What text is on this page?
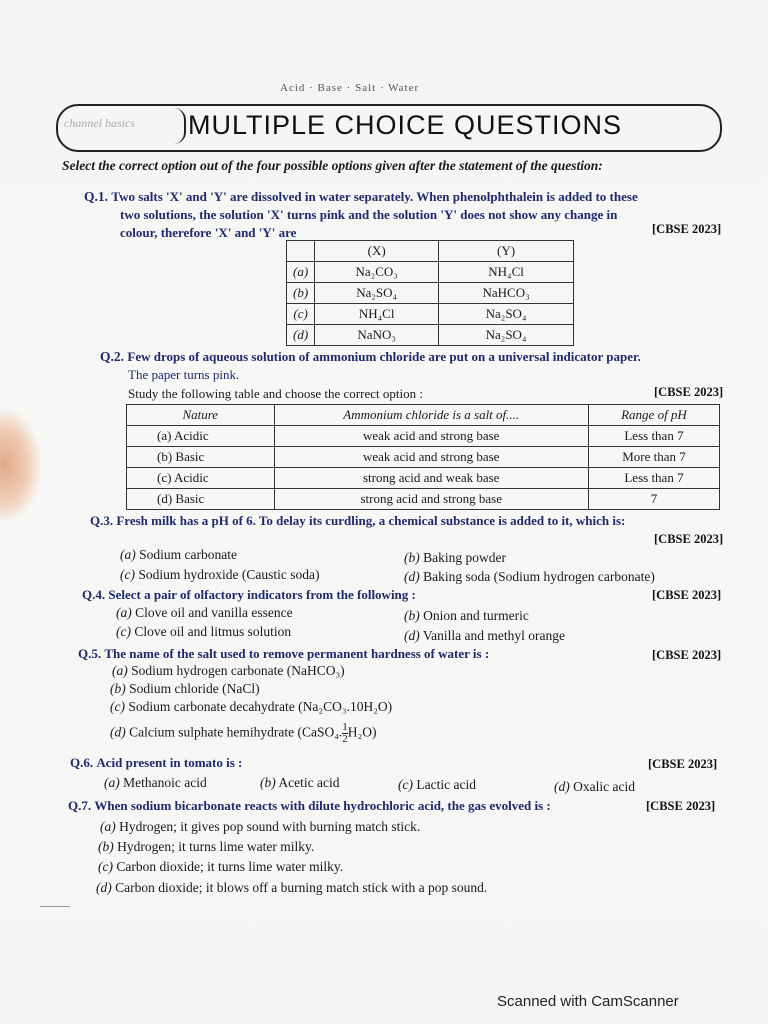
Acid · Base · Salt · Water
channel basics	MULTIPLE CHOICE QUESTIONS
Select the correct option out of the four possible options given after the statement of the question:
Q.1. Two salts 'X' and 'Y' are dissolved in water separately. When phenolphthalein is added to these
two solutions, the solution 'X' turns pink and the solution 'Y' does not show any change in
colour, therefore 'X' and 'Y' are	[CBSE 2023]
	(X)	(Y)
(a)	Na₂CO₃	NH₄Cl
(b)	Na₂SO₄	NaHCO₃
(c)	NH₄Cl	Na₂SO₄
(d)	NaNO₃	Na₂SO₄
Q.2. Few drops of aqueous solution of ammonium chloride are put on a universal indicator paper.
The paper turns pink.
Study the following table and choose the correct option :	[CBSE 2023]
Nature	Ammonium chloride is a salt of....	Range of pH
(a) Acidic	weak acid and strong base	Less than 7
(b) Basic	weak acid and strong base	More than 7
(c) Acidic	strong acid and weak base	Less than 7
(d) Basic	strong acid and strong base	7
Q.3. Fresh milk has a pH of 6. To delay its curdling, a chemical substance is added to it, which is:
[CBSE 2023]
(a) Sodium carbonate	(b) Baking powder
(c) Sodium hydroxide (Caustic soda)	(d) Baking soda (Sodium hydrogen carbonate)
Q.4. Select a pair of olfactory indicators from the following :	[CBSE 2023]
(a) Clove oil and vanilla essence	(b) Onion and turmeric
(c) Clove oil and litmus solution	(d) Vanilla and methyl orange
Q.5. The name of the salt used to remove permanent hardness of water is :	[CBSE 2023]
(a) Sodium hydrogen carbonate (NaHCO₃)
(b) Sodium chloride (NaCl)
(c) Sodium carbonate decahydrate (Na₂CO₃.10H₂O)
(d) Calcium sulphate hemihydrate (CaSO₄. $\frac{1}{2} H_2O$)
Q.6. Acid present in tomato is :	[CBSE 2023]
(a) Methanoic acid	(b) Acetic acid	(c) Lactic acid	(d) Oxalic acid
Q.7. When sodium bicarbonate reacts with dilute hydrochloric acid, the gas evolved is :	[CBSE 2023]
(a) Hydrogen; it gives pop sound with burning match stick.
(b) Hydrogen; it turns lime water milky.
(c) Carbon dioxide; it turns lime water milky.
(d) Carbon dioxide; it blows off a burning match stick with a pop sound.
Scanned with CamScanner
